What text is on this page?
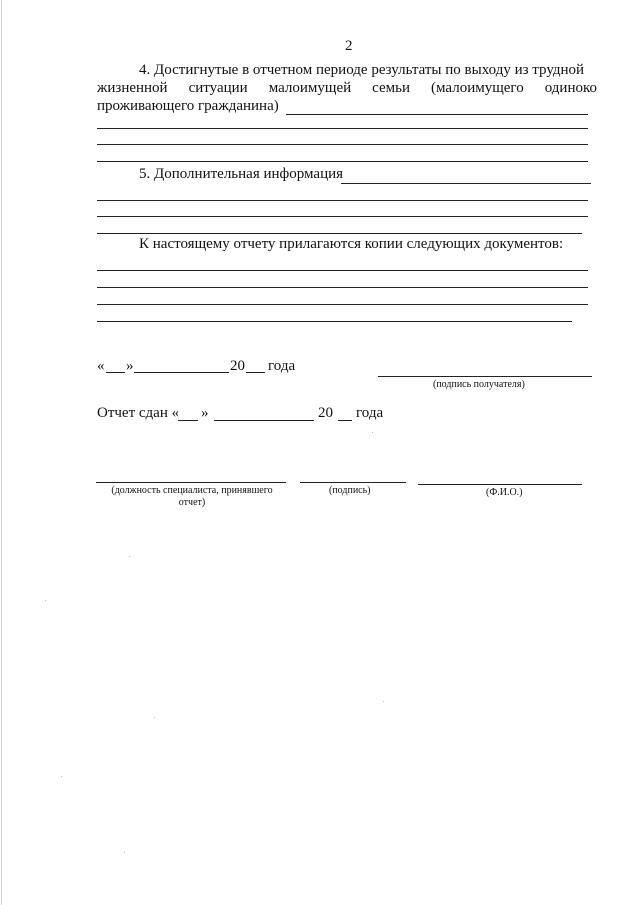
2
4. Достигнутые в отчетном периоде результаты по выходу из трудной
жизненной ситуации малоимущей семьи (малоимущего одиноко
проживающего гражданина)
5. Дополнительная информация
К настоящему отчету прилагаются копии следующих документов:
« »	20 года
(подпись получателя)
Отчет сдан « »	20 года
(должность специалиста, принявшего
отчет)
(подпись)	(Ф.И.О.)
